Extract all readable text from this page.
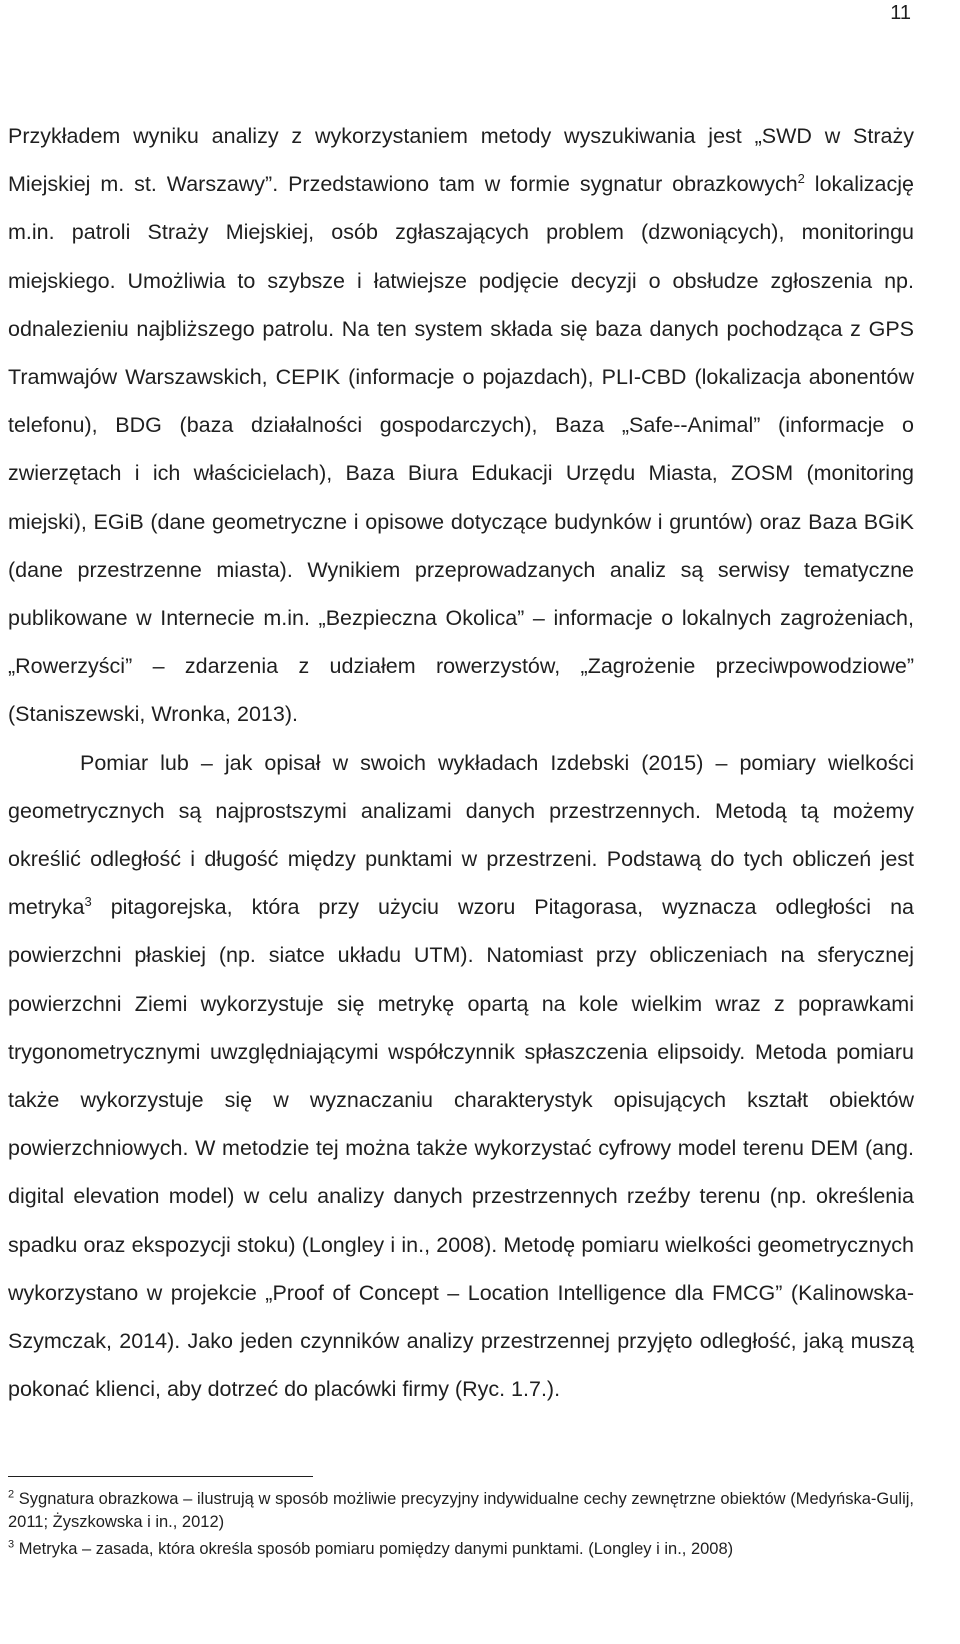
11

Przykładem wyniku analizy z wykorzystaniem metody wyszukiwania jest „SWD w Straży Miejskiej m. st. Warszawy”. Przedstawiono tam w formie sygnatur obrazkowych$^2$ lokalizację m.in. patroli Straży Miejskiej, osób zgłaszających problem (dzwoniących), monitoringu miejskiego. Umożliwia to szybsze i łatwiejsze podjęcie decyzji o obsłudze zgłoszenia np. odnalezieniu najbliższego patrolu. Na ten system składa się baza danych pochodząca z GPS Tramwajów Warszawskich, CEPIK (informacje o pojazdach), PLI-CBD (lokalizacja abonentów telefonu), BDG (baza działalności gospodarczych), Baza „Safe--Animal” (informacje o zwierzętach i ich właścicielach), Baza Biura Edukacji Urzędu Miasta, ZOSM (monitoring miejski), EGiB (dane geometryczne i opisowe dotyczące budynków i gruntów) oraz Baza BGiK (dane przestrzenne miasta). Wynikiem przeprowadzanych analiz są serwisy tematyczne publikowane w Internecie m.in. „Bezpieczna Okolica” – informacje o lokalnych zagrożeniach, „Rowerzyści” – zdarzenia z udziałem rowerzystów, „Zagrożenie przeciwpowodziowe” (Staniszewski, Wronka, 2013).

Pomiar lub – jak opisał w swoich wykładach Izdebski (2015) – pomiary wielkości geometrycznych są najprostszymi analizami danych przestrzennych. Metodą tą możemy określić odległość i długość między punktami w przestrzeni. Podstawą do tych obliczeń jest metryka$^3$ pitagorejska, która przy użyciu wzoru Pitagorasa, wyznacza odległości na powierzchni płaskiej (np. siatce układu UTM). Natomiast przy obliczeniach na sferycznej powierzchni Ziemi wykorzystuje się metrykę opartą na kole wielkim wraz z poprawkami trygonometrycznymi uwzględniającymi współczynnik spłaszczenia elipsoidy. Metoda pomiaru także wykorzystuje się w wyznaczaniu charakterystyk opisujących kształt obiektów powierzchniowych. W metodzie tej można także wykorzystać cyfrowy model terenu DEM (ang. digital elevation model) w celu analizy danych przestrzennych rzeźby terenu (np. określenia spadku oraz ekspozycji stoku) (Longley i in., 2008). Metodę pomiaru wielkości geometrycznych wykorzystano w projekcie „Proof of Concept – Location Intelligence dla FMCG” (Kalinowska-Szymczak, 2014). Jako jeden czynników analizy przestrzennej przyjęto odległość, jaką muszą pokonać klienci, aby dotrzeć do placówki firmy (Ryc. 1.7.).

$^2$ Sygnatura obrazkowa – ilustrują w sposób możliwie precyzyjny indywidualne cechy zewnętrzne obiektów (Medyńska-Gulij, 2011; Żyszkowska i in., 2012)

$^3$ Metryka – zasada, która określa sposób pomiaru pomiędzy danymi punktami. (Longley i in., 2008)
